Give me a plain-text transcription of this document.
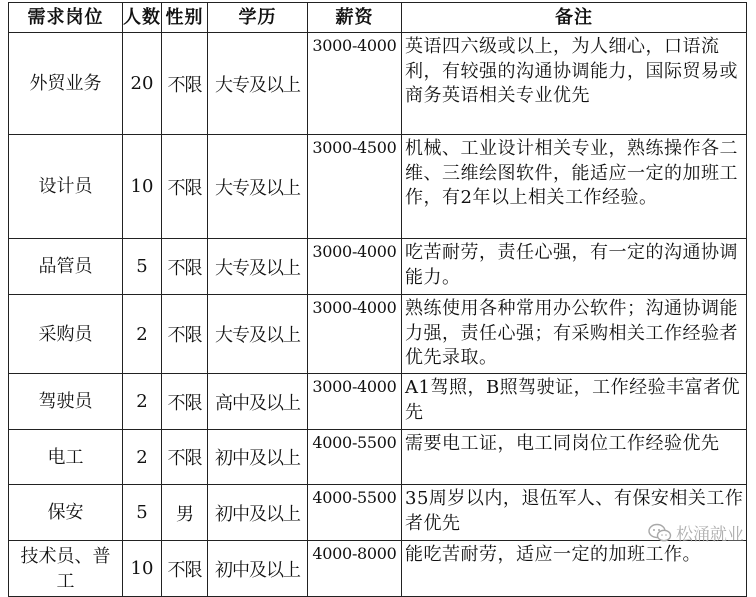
需求岗位	人数	性别	学历	薪资	备注
外贸业务	20	不限	大专及以上	3000-4000	英语四六级或以上，为人细心，口语流利，有较强的沟通协调能力，国际贸易或商务英语相关专业优先
设计员	10	不限	大专及以上	3000-4500	机械、工业设计相关专业，熟练操作各二维、三维绘图软件，能适应一定的加班工作，有2年以上相关工作经验。
品管员	5	不限	大专及以上	3000-4000	吃苦耐劳，责任心强，有一定的沟通协调能力。
采购员	2	不限	大专及以上	3000-4000	熟练使用各种常用办公软件；沟通协调能力强，责任心强；有采购相关工作经验者优先录取。
驾驶员	2	不限	高中及以上	3000-4000	A1驾照，B照驾驶证，工作经验丰富者优先
电工	2	不限	初中及以上	4000-5500	需要电工证，电工同岗位工作经验优先
保安	5	男	初中及以上	4000-5500	35周岁以内，退伍军人、有保安相关工作者优先
技术员、普工	10	不限	初中及以上	4000-8000	能吃苦耐劳，适应一定的加班工作。
松涌就业
